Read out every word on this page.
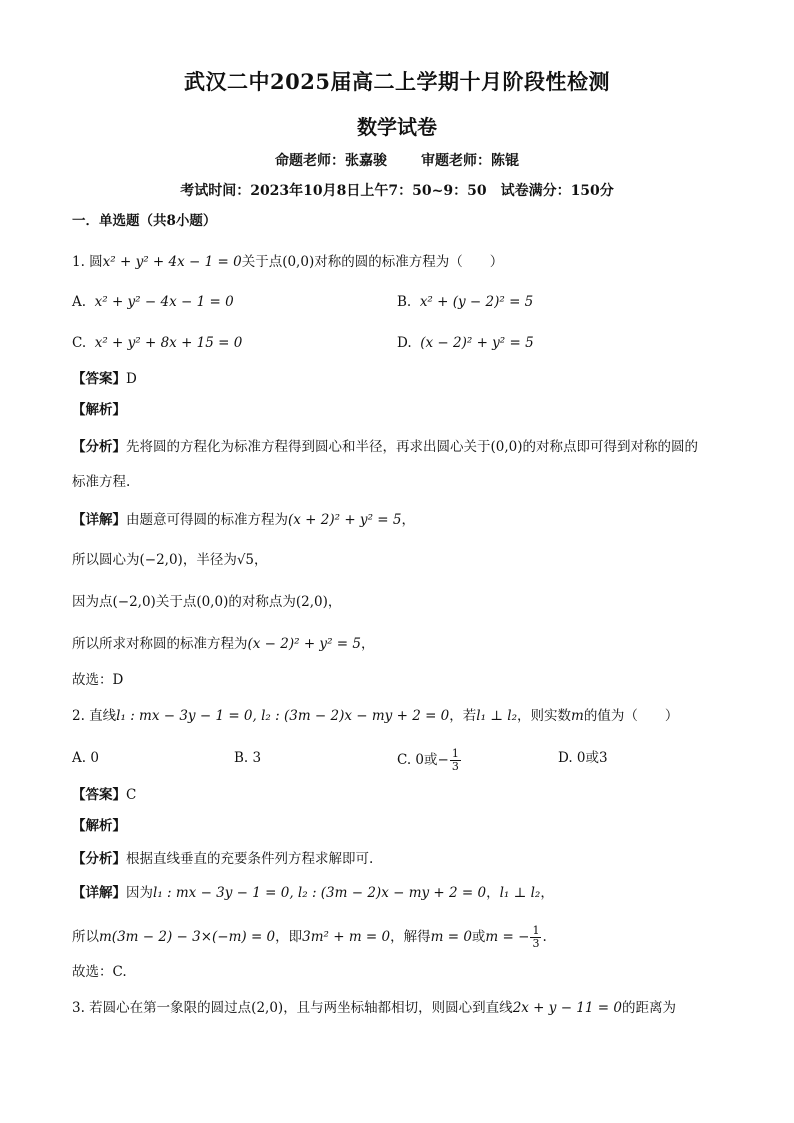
武汉二中2025届高二上学期十月阶段性检测
数学试卷
命题老师：张嘉骏 审题老师：陈锟
考试时间：2023年10月8日上午7：50~9：50　试卷满分：150分
一．单选题（共8小题）
1. 圆x² + y² + 4x − 1 = 0关于点(0,0)对称的圆的标准方程为（　　）
A. x² + y² − 4x − 1 = 0	B. x² + (y − 2)² = 5
C. x² + y² + 8x + 15 = 0	D. (x − 2)² + y² = 5
【答案】D
【解析】
【分析】先将圆的方程化为标准方程得到圆心和半径，再求出圆心关于(0,0)的对称点即可得到对称的圆的
标准方程.
【详解】由题意可得圆的标准方程为(x + 2)² + y² = 5，
所以圆心为(−2,0)，半径为√5，
因为点(−2,0)关于点(0,0)的对称点为(2,0)，
所以所求对称圆的标准方程为(x − 2)² + y² = 5，
故选：D
2. 直线l₁ : mx − 3y − 1 = 0, l₂ : (3m − 2)x − my + 2 = 0，若l₁ ⊥ l₂，则实数m的值为（　　）
A. 0	B. 3	C. 0或− $\frac{1}{3}$	D. 0或3
【答案】C
【解析】
【分析】根据直线垂直的充要条件列方程求解即可.
【详解】因为l₁ : mx − 3y − 1 = 0, l₂ : (3m − 2)x − my + 2 = 0，l₁ ⊥ l₂，
所以m(3m − 2) − 3×(−m) = 0，即3m² + m = 0，解得m = 0或m = − $\frac{1}{3}$ .
故选：C.
3. 若圆心在第一象限的圆过点(2,0)，且与两坐标轴都相切，则圆心到直线2x + y − 11 = 0的距离为
